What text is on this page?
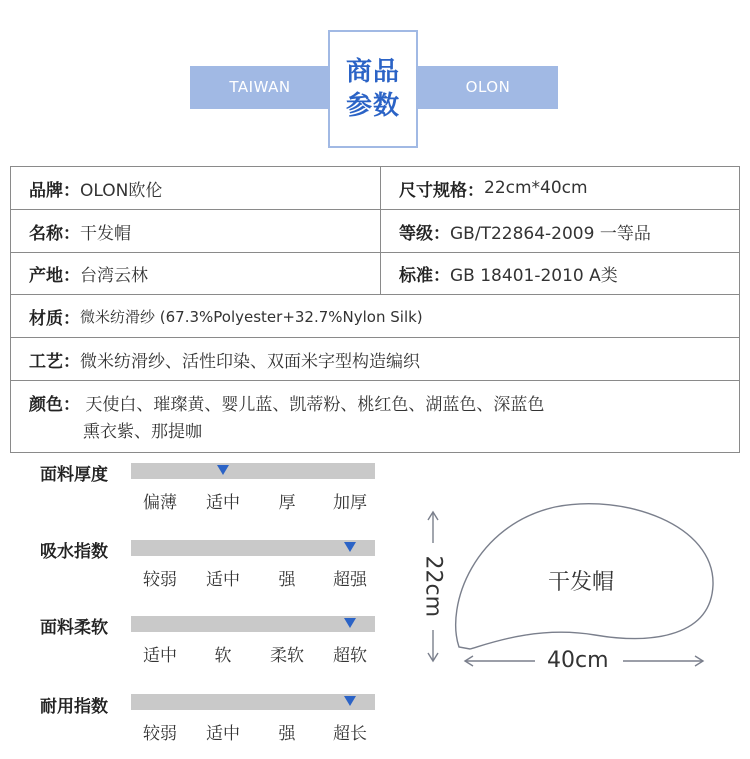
TAIWAN	OLON
商品
参数
品牌： OLON欧伦	尺寸规格： 22cm*40cm
名称： 干发帽	等级： GB/T22864-2009 一等品
产地： 台湾云林	标准： GB 18401-2010 A类
材质： 微米纺滑纱 (67.3%Polyester+32.7%Nylon Silk)
工艺： 微米纺滑纱、活性印染、双面米字型构造编织
颜色： 天使白、璀璨黄、婴儿蓝、凯蒂粉、桃红色、湖蓝色、深蓝色
熏衣紫、那提咖
面料厚度
偏薄	适中	厚	加厚
吸水指数
较弱	适中	强	超强
面料柔软
适中	软	柔软	超软
耐用指数
较弱	适中	强	超长
干发帽
22cm
40cm
